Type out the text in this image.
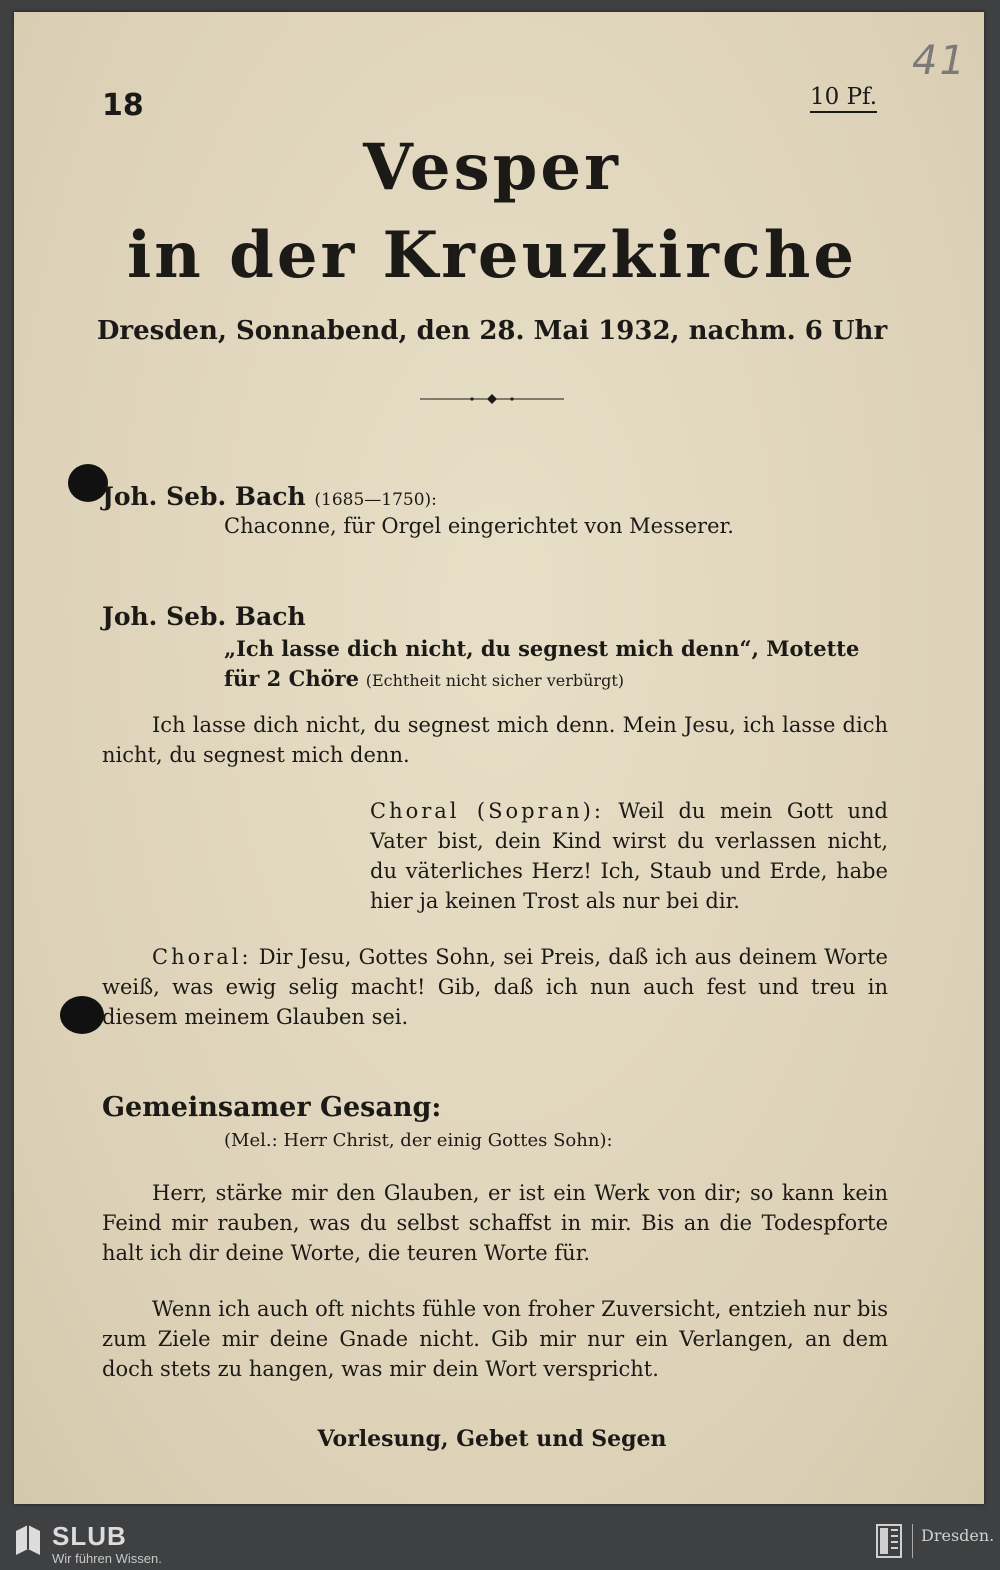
18	10 Pf.
41
Vesper
in der Kreuzkirche
Dresden, Sonnabend, den 28. Mai 1932, nachm. 6 Uhr
Joh. Seb. Bach (1685—1750):
Chaconne, für Orgel eingerichtet von Messerer.
Joh. Seb. Bach
„Ich lasse dich nicht, du segnest mich denn“, Motette für 2 Chöre (Echtheit nicht sicher verbürgt)
Ich lasse dich nicht, du segnest mich denn. Mein Jesu, ich lasse dich nicht, du segnest mich denn.
Choral (Sopran): Weil du mein Gott und Vater bist, dein Kind wirst du verlassen nicht, du väterliches Herz! Ich, Staub und Erde, habe hier ja keinen Trost als nur bei dir.
Choral: Dir Jesu, Gottes Sohn, sei Preis, daß ich aus deinem Worte weiß, was ewig selig macht! Gib, daß ich nun auch fest und treu in diesem meinem Glauben sei.
Gemeinsamer Gesang:
(Mel.: Herr Christ, der einig Gottes Sohn):
Herr, stärke mir den Glauben, er ist ein Werk von dir; so kann kein Feind mir rauben, was du selbst schaffst in mir. Bis an die Todespforte halt ich dir deine Worte, die teuren Worte für.
Wenn ich auch oft nichts fühle von froher Zuversicht, entzieh nur bis zum Ziele mir deine Gnade nicht. Gib mir nur ein Verlangen, an dem doch stets zu hangen, was mir dein Wort verspricht.
Vorlesung, Gebet und Segen
SLUB
Wir führen Wissen.
Dresden.
